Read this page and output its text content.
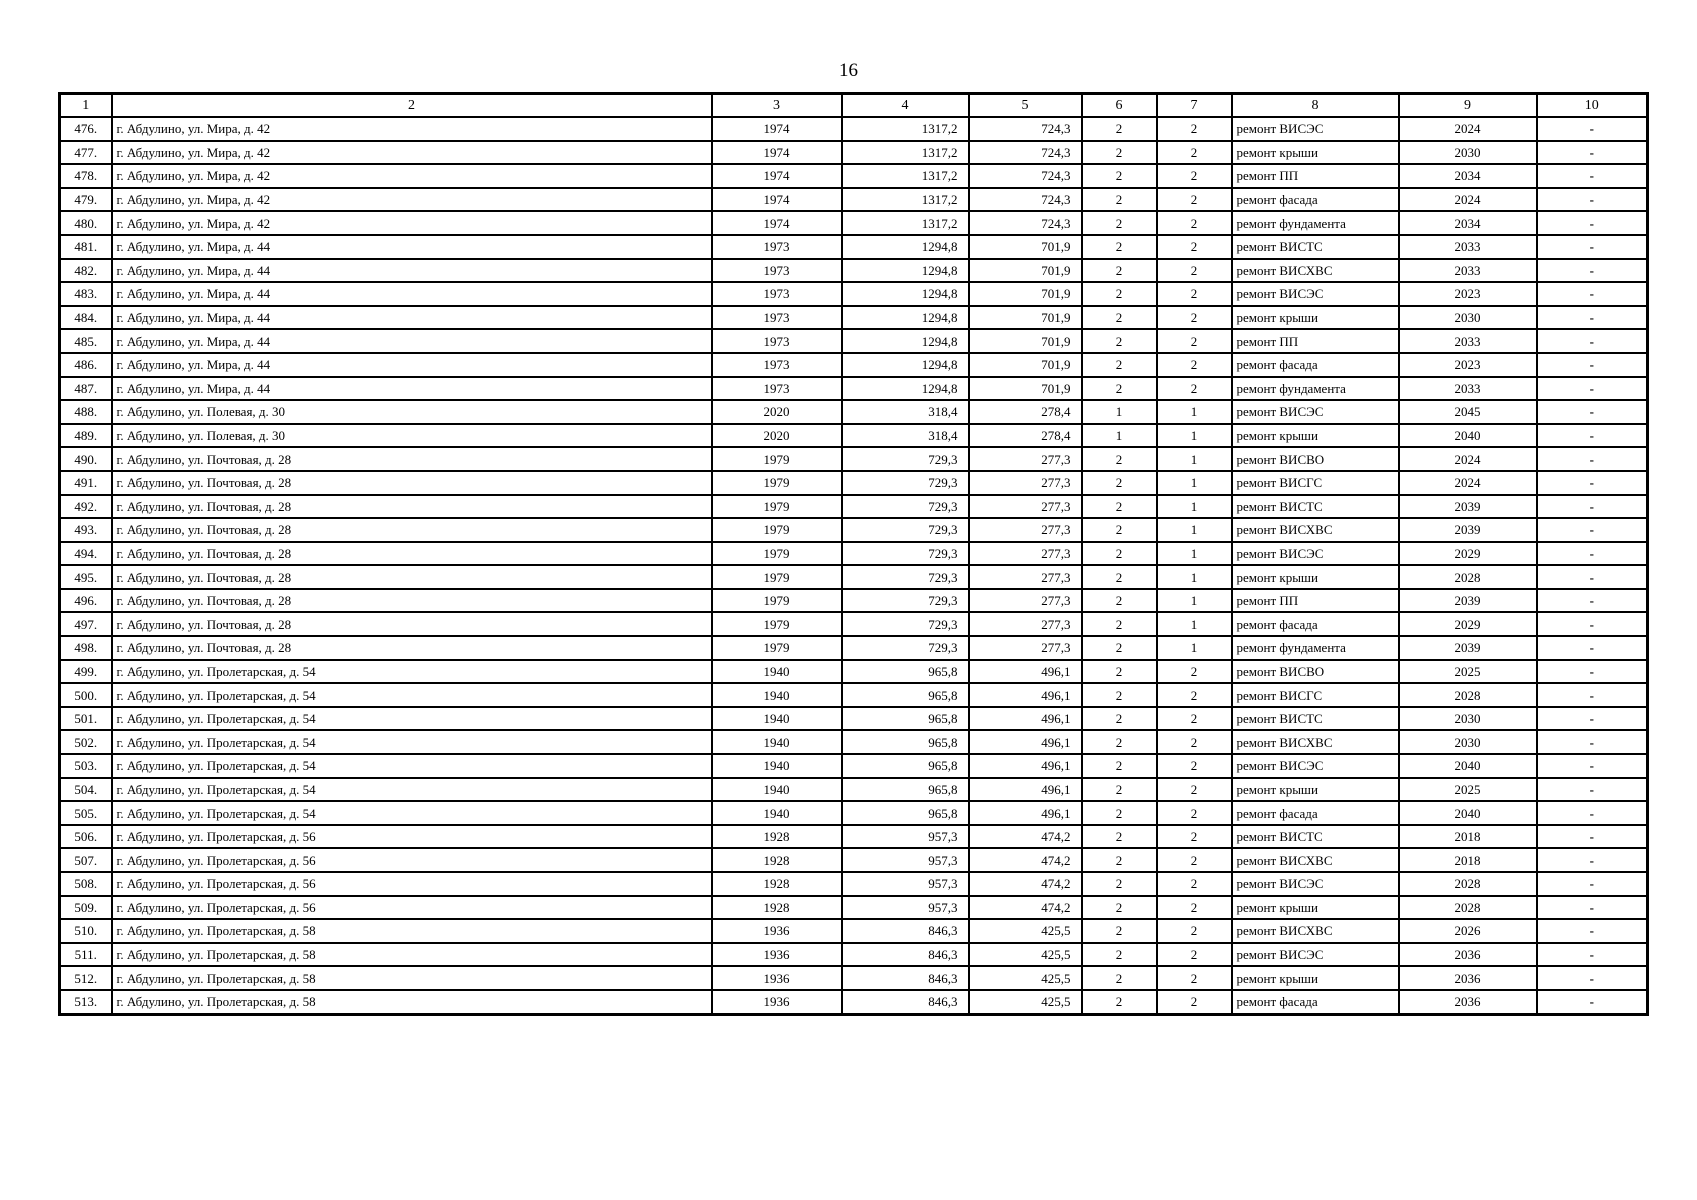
16
1	2	3	4	5	6	7	8	9	10
476.	г. Абдулино, ул. Мира, д. 42	1974	1317,2	724,3	2	2	ремонт ВИСЭС	2024	-
477.	г. Абдулино, ул. Мира, д. 42	1974	1317,2	724,3	2	2	ремонт крыши	2030	-
478.	г. Абдулино, ул. Мира, д. 42	1974	1317,2	724,3	2	2	ремонт ПП	2034	-
479.	г. Абдулино, ул. Мира, д. 42	1974	1317,2	724,3	2	2	ремонт фасада	2024	-
480.	г. Абдулино, ул. Мира, д. 42	1974	1317,2	724,3	2	2	ремонт фундамента	2034	-
481.	г. Абдулино, ул. Мира, д. 44	1973	1294,8	701,9	2	2	ремонт ВИСТС	2033	-
482.	г. Абдулино, ул. Мира, д. 44	1973	1294,8	701,9	2	2	ремонт ВИСХВС	2033	-
483.	г. Абдулино, ул. Мира, д. 44	1973	1294,8	701,9	2	2	ремонт ВИСЭС	2023	-
484.	г. Абдулино, ул. Мира, д. 44	1973	1294,8	701,9	2	2	ремонт крыши	2030	-
485.	г. Абдулино, ул. Мира, д. 44	1973	1294,8	701,9	2	2	ремонт ПП	2033	-
486.	г. Абдулино, ул. Мира, д. 44	1973	1294,8	701,9	2	2	ремонт фасада	2023	-
487.	г. Абдулино, ул. Мира, д. 44	1973	1294,8	701,9	2	2	ремонт фундамента	2033	-
488.	г. Абдулино, ул. Полевая, д. 30	2020	318,4	278,4	1	1	ремонт ВИСЭС	2045	-
489.	г. Абдулино, ул. Полевая, д. 30	2020	318,4	278,4	1	1	ремонт крыши	2040	-
490.	г. Абдулино, ул. Почтовая, д. 28	1979	729,3	277,3	2	1	ремонт ВИСВО	2024	-
491.	г. Абдулино, ул. Почтовая, д. 28	1979	729,3	277,3	2	1	ремонт ВИСГС	2024	-
492.	г. Абдулино, ул. Почтовая, д. 28	1979	729,3	277,3	2	1	ремонт ВИСТС	2039	-
493.	г. Абдулино, ул. Почтовая, д. 28	1979	729,3	277,3	2	1	ремонт ВИСХВС	2039	-
494.	г. Абдулино, ул. Почтовая, д. 28	1979	729,3	277,3	2	1	ремонт ВИСЭС	2029	-
495.	г. Абдулино, ул. Почтовая, д. 28	1979	729,3	277,3	2	1	ремонт крыши	2028	-
496.	г. Абдулино, ул. Почтовая, д. 28	1979	729,3	277,3	2	1	ремонт ПП	2039	-
497.	г. Абдулино, ул. Почтовая, д. 28	1979	729,3	277,3	2	1	ремонт фасада	2029	-
498.	г. Абдулино, ул. Почтовая, д. 28	1979	729,3	277,3	2	1	ремонт фундамента	2039	-
499.	г. Абдулино, ул. Пролетарская, д. 54	1940	965,8	496,1	2	2	ремонт ВИСВО	2025	-
500.	г. Абдулино, ул. Пролетарская, д. 54	1940	965,8	496,1	2	2	ремонт ВИСГС	2028	-
501.	г. Абдулино, ул. Пролетарская, д. 54	1940	965,8	496,1	2	2	ремонт ВИСТС	2030	-
502.	г. Абдулино, ул. Пролетарская, д. 54	1940	965,8	496,1	2	2	ремонт ВИСХВС	2030	-
503.	г. Абдулино, ул. Пролетарская, д. 54	1940	965,8	496,1	2	2	ремонт ВИСЭС	2040	-
504.	г. Абдулино, ул. Пролетарская, д. 54	1940	965,8	496,1	2	2	ремонт крыши	2025	-
505.	г. Абдулино, ул. Пролетарская, д. 54	1940	965,8	496,1	2	2	ремонт фасада	2040	-
506.	г. Абдулино, ул. Пролетарская, д. 56	1928	957,3	474,2	2	2	ремонт ВИСТС	2018	-
507.	г. Абдулино, ул. Пролетарская, д. 56	1928	957,3	474,2	2	2	ремонт ВИСХВС	2018	-
508.	г. Абдулино, ул. Пролетарская, д. 56	1928	957,3	474,2	2	2	ремонт ВИСЭС	2028	-
509.	г. Абдулино, ул. Пролетарская, д. 56	1928	957,3	474,2	2	2	ремонт крыши	2028	-
510.	г. Абдулино, ул. Пролетарская, д. 58	1936	846,3	425,5	2	2	ремонт ВИСХВС	2026	-
511.	г. Абдулино, ул. Пролетарская, д. 58	1936	846,3	425,5	2	2	ремонт ВИСЭС	2036	-
512.	г. Абдулино, ул. Пролетарская, д. 58	1936	846,3	425,5	2	2	ремонт крыши	2036	-
513.	г. Абдулино, ул. Пролетарская, д. 58	1936	846,3	425,5	2	2	ремонт фасада	2036	-
